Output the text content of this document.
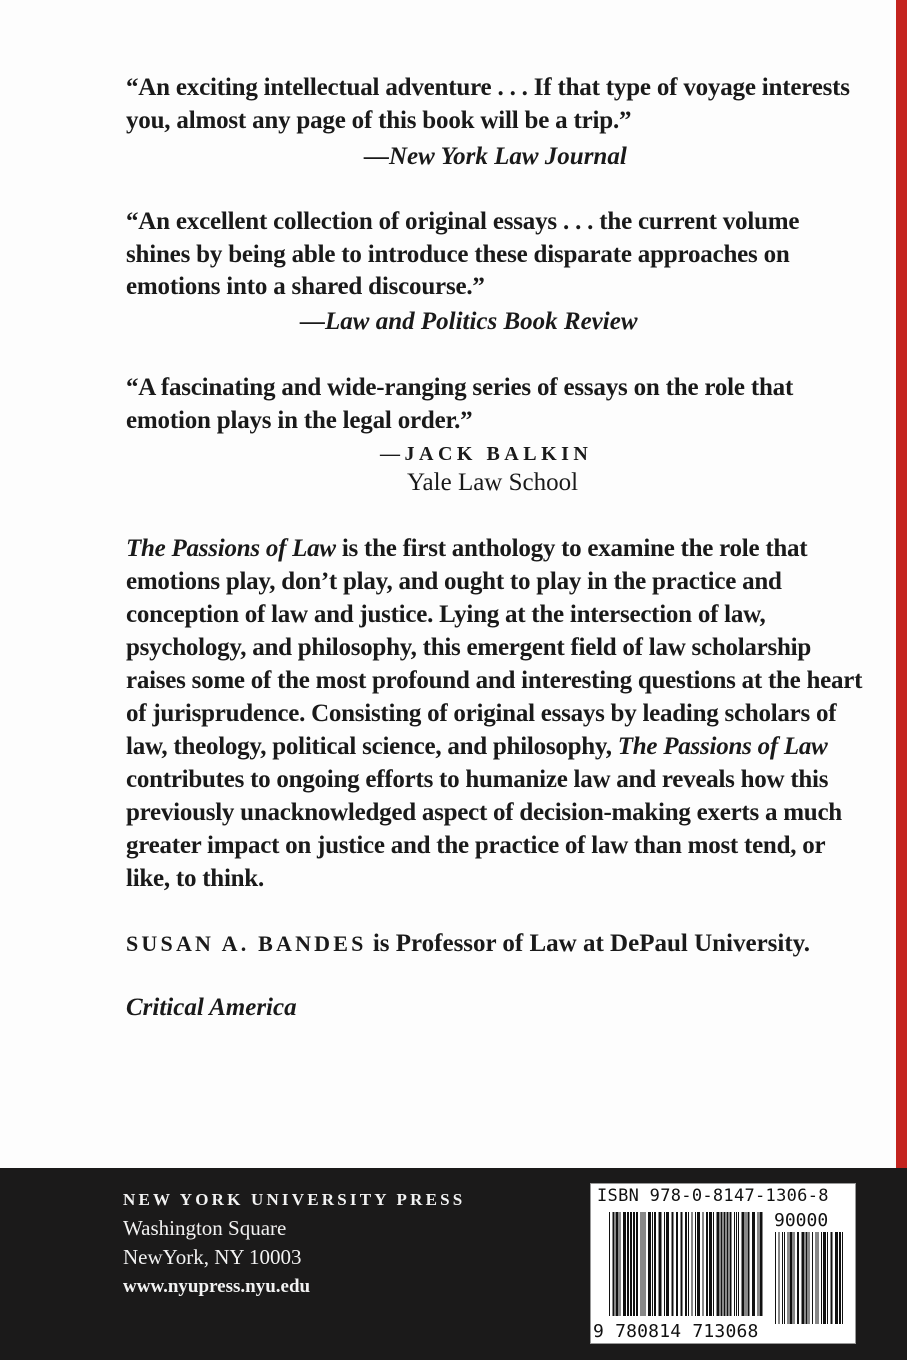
“An exciting intellectual adventure . . . If that type of voyage interests you, almost any page of this book will be a trip.”
—New York Law Journal
“An excellent collection of original essays . . . the current volume shines by being able to introduce these disparate approaches on emotions into a shared discourse.”
—Law and Politics Book Review
“A fascinating and wide-ranging series of essays on the role that emotion plays in the legal order.”
—JACK BALKIN
Yale Law School
The Passions of Law is the first anthology to examine the role that emotions play, don’t play, and ought to play in the practice and conception of law and justice. Lying at the intersection of law, psychology, and philosophy, this emergent field of law scholarship raises some of the most profound and interesting questions at the heart of jurisprudence. Consisting of original essays by leading scholars of law, theology, political science, and philosophy, The Passions of Law contributes to ongoing efforts to humanize law and reveals how this previously unacknowledged aspect of decision-making exerts a much greater impact on justice and the practice of law than most tend, or like, to think.
SUSAN A. BANDES is Professor of Law at DePaul University.
Critical America
NEW YORK UNIVERSITY PRESS
Washington Square
NewYork, NY 10003
www.nyupress.nyu.edu
ISBN 978-0-8147-1306-8
90000
9 780814 713068
